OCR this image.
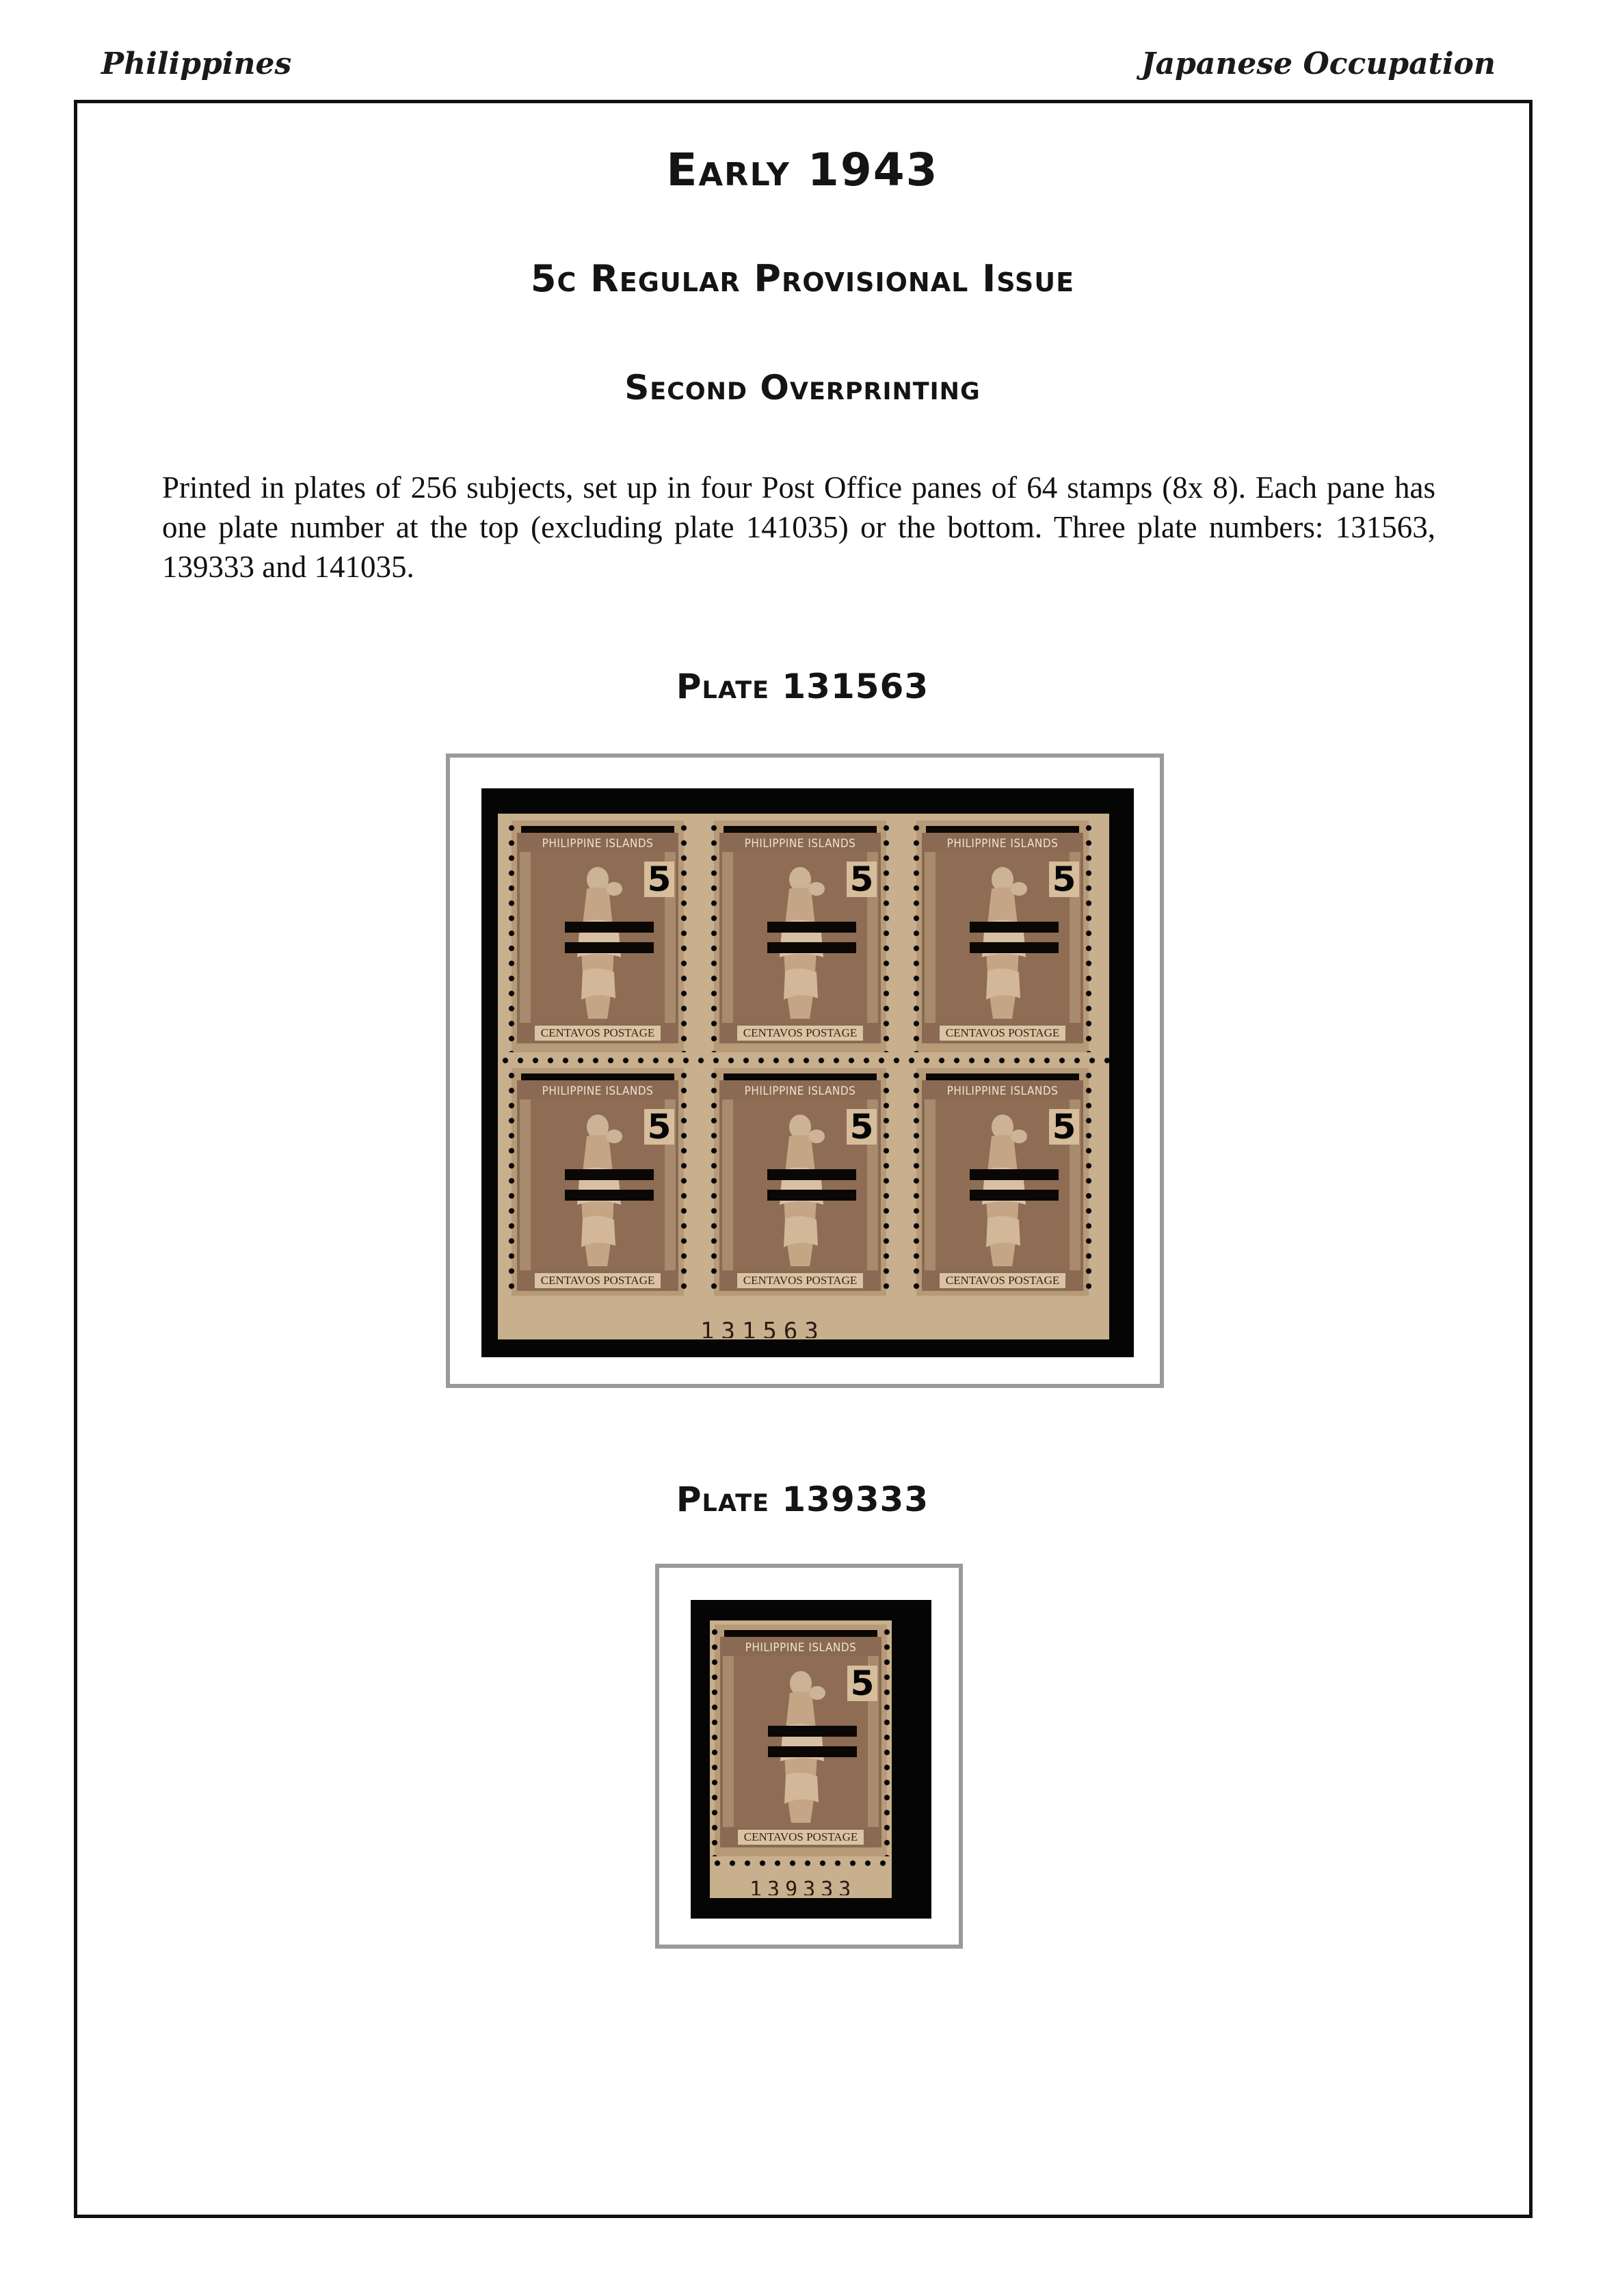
Philippines	Japanese Occupation
Early 1943
5c Regular Provisional Issue
Second Overprinting
Printed in plates of 256 subjects, set up in four Post Office panes of 64 stamps (8x 8). Each pane has one plate number at the top (excluding plate 141035) or the bottom. Three plate numbers: 131563, 139333 and 141035.
Plate 131563
PHILIPPINE ISLANDS
5
CENTAVOS POSTAGE
PHILIPPINE ISLANDS
5
CENTAVOS POSTAGE
PHILIPPINE ISLANDS
5
CENTAVOS POSTAGE
PHILIPPINE ISLANDS
5
CENTAVOS POSTAGE
PHILIPPINE ISLANDS
5
CENTAVOS POSTAGE
PHILIPPINE ISLANDS
5
CENTAVOS POSTAGE
131563
Plate 139333
PHILIPPINE ISLANDS
5
CENTAVOS POSTAGE
139333
